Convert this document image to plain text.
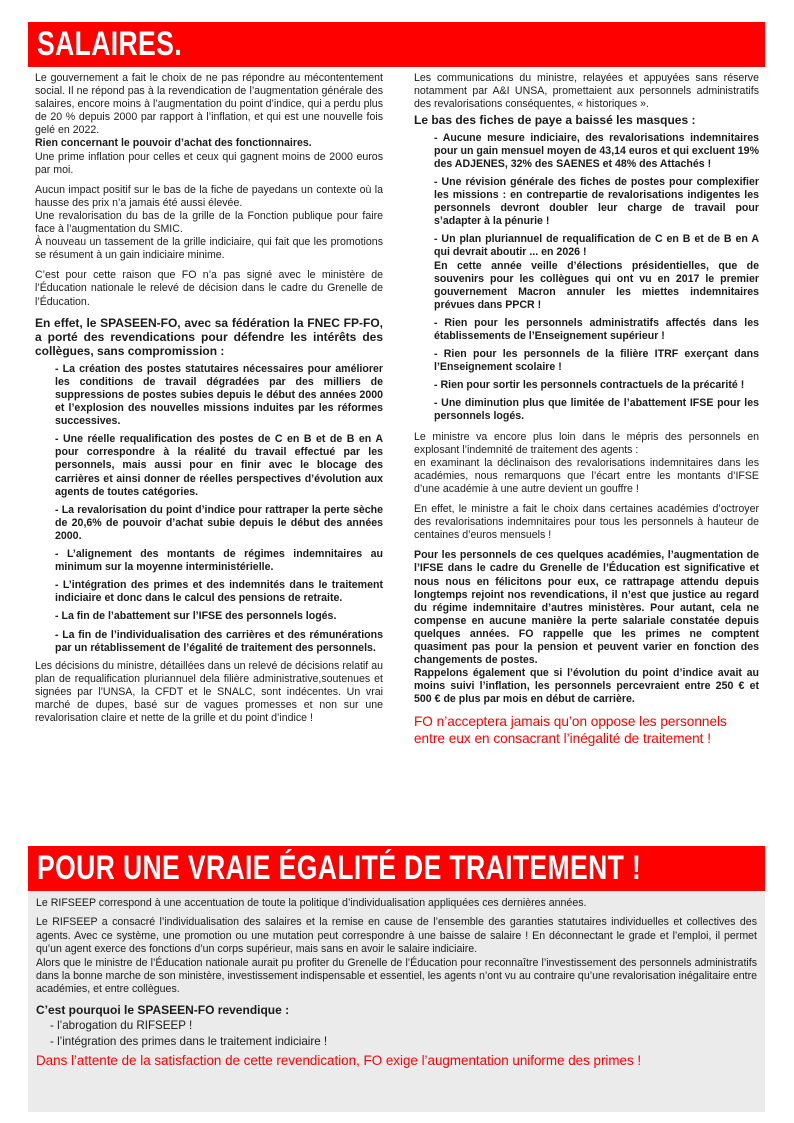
SALAIRES.

Le gouvernement a fait le choix de ne pas répondre au mécontentement social. Il ne répond pas à la revendication de l’augmentation générale des salaires, encore moins à l’augmentation du point d’indice, qui a perdu plus de 20 % depuis 2000 par rapport à l’inflation, et qui est une nouvelle fois gelé en 2022.

Rien concernant le pouvoir d’achat des fonctionnaires.

Une prime inflation pour celles et ceux qui gagnent moins de 2000 euros par moi.

Aucun impact positif sur le bas de la fiche de payedans un contexte où la hausse des prix n’a jamais été aussi élevée.

Une revalorisation du bas de la grille de la Fonction publique pour faire face à l’augmentation du SMIC.

À nouveau un tassement de la grille indiciaire, qui fait que les promotions se résument à un gain indiciaire minime.

C’est pour cette raison que FO n’a pas signé avec le ministère de l’Éducation nationale le relevé de décision dans le cadre du Grenelle de l’Éducation.

En effet, le SPASEEN-FO, avec sa fédération la FNEC FP-FO, a porté des revendications pour défendre les intérêts des collègues, sans compromission :

- La création des postes statutaires nécessaires pour améliorer les conditions de travail dégradées par des milliers de suppressions de postes subies depuis le début des années 2000 et l’explosion des nouvelles missions induites par les réformes successives.

- Une réelle requalification des postes de C en B et de B en A pour correspondre à la réalité du travail effectué par les personnels, mais aussi pour en finir avec le blocage des carrières et ainsi donner de réelles perspectives d’évolution aux agents de toutes catégories.

- La revalorisation du point d’indice pour rattraper la perte sèche de 20,6% de pouvoir d’achat subie depuis le début des années 2000.

- L’alignement des montants de régimes indemnitaires au minimum sur la moyenne interministérielle.

- L’intégration des primes et des indemnités dans le traitement indiciaire et donc dans le calcul des pensions de retraite.

- La fin de l’abattement sur l’IFSE des personnels logés.

- La fin de l’individualisation des carrières et des rémunérations par un rétablissement de l’égalité de traitement des personnels.

Les décisions du ministre, détaillées dans un relevé de décisions relatif au plan de requalification pluriannuel dela filière administrative,soutenues et signées par l’UNSA, la CFDT et le SNALC, sont indécentes. Un vrai marché de dupes, basé sur de vagues promesses et non sur une revalorisation claire et nette de la grille et du point d’indice !

Les communications du ministre, relayées et appuyées sans réserve notamment par A&I UNSA, promettaient aux personnels administratifs des revalorisations conséquentes, « historiques ».

Le bas des fiches de paye a baissé les masques :

- Aucune mesure indiciaire, des revalorisations indemnitaires pour un gain mensuel moyen de 43,14 euros et qui excluent 19% des ADJENES, 32% des SAENES et 48% des Attachés !

- Une révision générale des fiches de postes pour complexifier les missions : en contrepartie de revalorisations indigentes les personnels devront doubler leur charge de travail pour s’adapter à la pénurie !

- Un plan pluriannuel de requalification de C en B et de B en A qui devrait aboutir ... en 2026 !

En cette année veille d’élections présidentielles, que de souvenirs pour les collègues qui ont vu en 2017 le premier gouvernement Macron annuler les miettes indemnitaires prévues dans PPCR !

- Rien pour les personnels administratifs affectés dans les établissements de l’Enseignement supérieur !

- Rien pour les personnels de la filière ITRF exerçant dans l’Enseignement scolaire !

- Rien pour sortir les personnels contractuels de la précarité !

- Une diminution plus que limitée de l’abattement IFSE pour les personnels logés.

Le ministre va encore plus loin dans le mépris des personnels en explosant l’indemnité de traitement des agents :

en examinant la déclinaison des revalorisations indemnitaires dans les académies, nous remarquons que l’écart entre les montants d’IFSE d’une académie à une autre devient un gouffre !

En effet, le ministre a fait le choix dans certaines académies d’octroyer des revalorisations indemnitaires pour tous les personnels à hauteur de centaines d’euros mensuels !

Pour les personnels de ces quelques académies, l’augmentation de l’IFSE dans le cadre du Grenelle de l’Éducation est significative et nous nous en félicitons pour eux, ce rattrapage attendu depuis longtemps rejoint nos revendications, il n’est que justice au regard du régime indemnitaire d’autres ministères. Pour autant, cela ne compense en aucune manière la perte salariale constatée depuis quelques années. FO rappelle que les primes ne comptent quasiment pas pour la pension et peuvent varier en fonction des changements de postes.

Rappelons également que si l’évolution du point d’indice avait au moins suivi l’inflation, les personnels percevraient entre 250 € et 500 € de plus par mois en début de carrière.

FO n’acceptera jamais qu’on oppose les personnels entre eux en consacrant l’inégalité de traitement !

POUR UNE VRAIE ÉGALITÉ DE TRAITEMENT !

Le RIFSEEP correspond à une accentuation de toute la politique d’individualisation appliquées ces dernières années.

Le RIFSEEP a consacré l’individualisation des salaires et la remise en cause de l’ensemble des garanties statutaires individuelles et collectives des agents. Avec ce système, une promotion ou une mutation peut correspondre à une baisse de salaire ! En déconnectant le grade et l’emploi, il permet qu’un agent exerce des fonctions d’un corps supérieur, mais sans en avoir le salaire indiciaire.

Alors que le ministre de l’Éducation nationale aurait pu profiter du Grenelle de l’Éducation pour reconnaître l’investissement des personnels administratifs dans la bonne marche de son ministère, investissement indispensable et essentiel, les agents n’ont vu au contraire qu’une revalorisation inégalitaire entre académies, et entre collègues.

C’est pourquoi le SPASEEN-FO revendique :

- l’abrogation du RIFSEEP !

- l’intégration des primes dans le traitement indiciaire !

Dans l’attente de la satisfaction de cette revendication, FO exige l’augmentation uniforme des primes !
